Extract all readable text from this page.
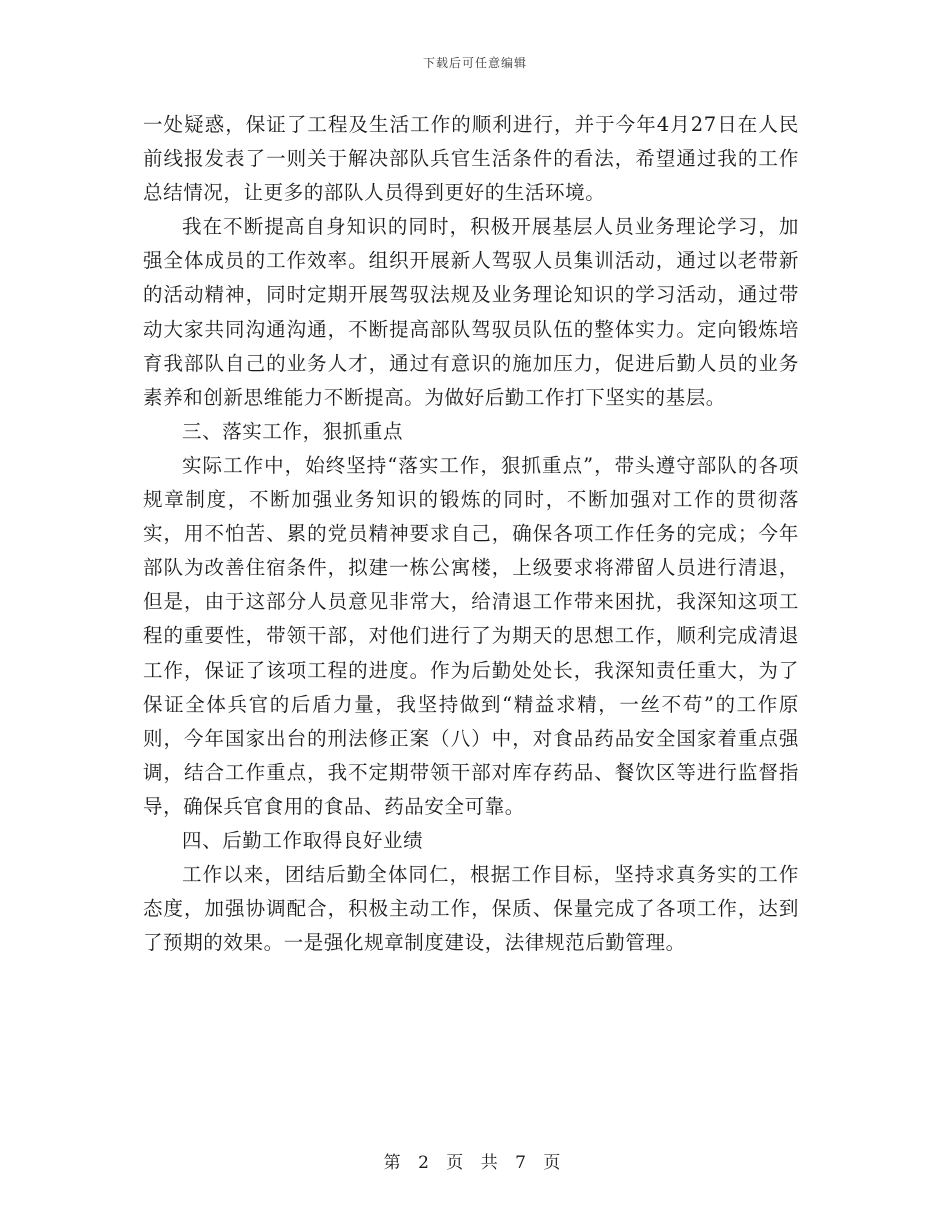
下载后可任意编辑

一处疑惑，保证了工程及生活工作的顺利进行，并于今年4月27日在人民前线报发表了一则关于解决部队兵官生活条件的看法，希望通过我的工作总结情况，让更多的部队人员得到更好的生活环境。

我在不断提高自身知识的同时，积极开展基层人员业务理论学习，加强全体成员的工作效率。组织开展新人驾驭人员集训活动，通过以老带新的活动精神，同时定期开展驾驭法规及业务理论知识的学习活动，通过带动大家共同沟通沟通，不断提高部队驾驭员队伍的整体实力。定向锻炼培育我部队自己的业务人才，通过有意识的施加压力，促进后勤人员的业务素养和创新思维能力不断提高。为做好后勤工作打下坚实的基层。

三、落实工作，狠抓重点

实际工作中，始终坚持“落实工作，狠抓重点”，带头遵守部队的各项规章制度，不断加强业务知识的锻炼的同时，不断加强对工作的贯彻落实，用不怕苦、累的党员精神要求自己，确保各项工作任务的完成；今年部队为改善住宿条件，拟建一栋公寓楼，上级要求将滞留人员进行清退，但是，由于这部分人员意见非常大，给清退工作带来困扰，我深知这项工程的重要性，带领干部，对他们进行了为期天的思想工作，顺利完成清退工作，保证了该项工程的进度。作为后勤处处长，我深知责任重大，为了保证全体兵官的后盾力量，我坚持做到“精益求精，一丝不苟”的工作原则，今年国家出台的刑法修正案（八）中，对食品药品安全国家着重点强调，结合工作重点，我不定期带领干部对库存药品、餐饮区等进行监督指导，确保兵官食用的食品、药品安全可靠。

四、后勤工作取得良好业绩

工作以来，团结后勤全体同仁，根据工作目标，坚持求真务实的工作态度，加强协调配合，积极主动工作，保质、保量完成了各项工作，达到了预期的效果。一是强化规章制度建设，法律规范后勤管理。

第 2 页 共 7 页
